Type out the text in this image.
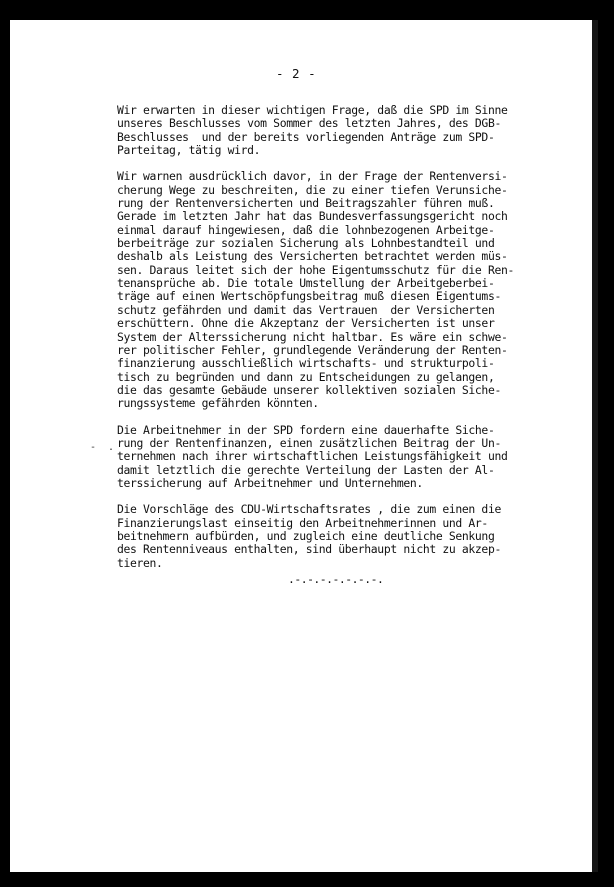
- 2 -
-  .
Wir erwarten in dieser wichtigen Frage, daß die SPD im Sinne
unseres Beschlusses vom Sommer des letzten Jahres, des DGB-
Beschlusses  und der bereits vorliegenden Anträge zum SPD-
Parteitag, tätig wird.
Wir warnen ausdrücklich davor, in der Frage der Rentenversi-
cherung Wege zu beschreiten, die zu einer tiefen Verunsiche-
rung der Rentenversicherten und Beitragszahler führen muß.
Gerade im letzten Jahr hat das Bundesverfassungsgericht noch
einmal darauf hingewiesen, daß die lohnbezogenen Arbeitge-
berbeiträge zur sozialen Sicherung als Lohnbestandteil und
deshalb als Leistung des Versicherten betrachtet werden müs-
sen. Daraus leitet sich der hohe Eigentumsschutz für die Ren-
tenansprüche ab. Die totale Umstellung der Arbeitgeberbei-
träge auf einen Wertschöpfungsbeitrag muß diesen Eigentums-
schutz gefährden und damit das Vertrauen  der Versicherten
erschüttern. Ohne die Akzeptanz der Versicherten ist unser
System der Alterssicherung nicht haltbar. Es wäre ein schwe-
rer politischer Fehler, grundlegende Veränderung der Renten-
finanzierung ausschließlich wirtschafts- und strukturpoli-
tisch zu begründen und dann zu Entscheidungen zu gelangen,
die das gesamte Gebäude unserer kollektiven sozialen Siche-
rungssysteme gefährden könnten.
Die Arbeitnehmer in der SPD fordern eine dauerhafte Siche-
rung der Rentenfinanzen, einen zusätzlichen Beitrag der Un-
ternehmen nach ihrer wirtschaftlichen Leistungsfähigkeit und
damit letztlich die gerechte Verteilung der Lasten der Al-
terssicherung auf Arbeitnehmer und Unternehmen.
Die Vorschläge des CDU-Wirtschaftsrates , die zum einen die
Finanzierungslast einseitig den Arbeitnehmerinnen und Ar-
beitnehmern aufbürden, und zugleich eine deutliche Senkung
des Rentenniveaus enthalten, sind überhaupt nicht zu akzep-
tieren.
.-.-.-.-.-.-.-.
